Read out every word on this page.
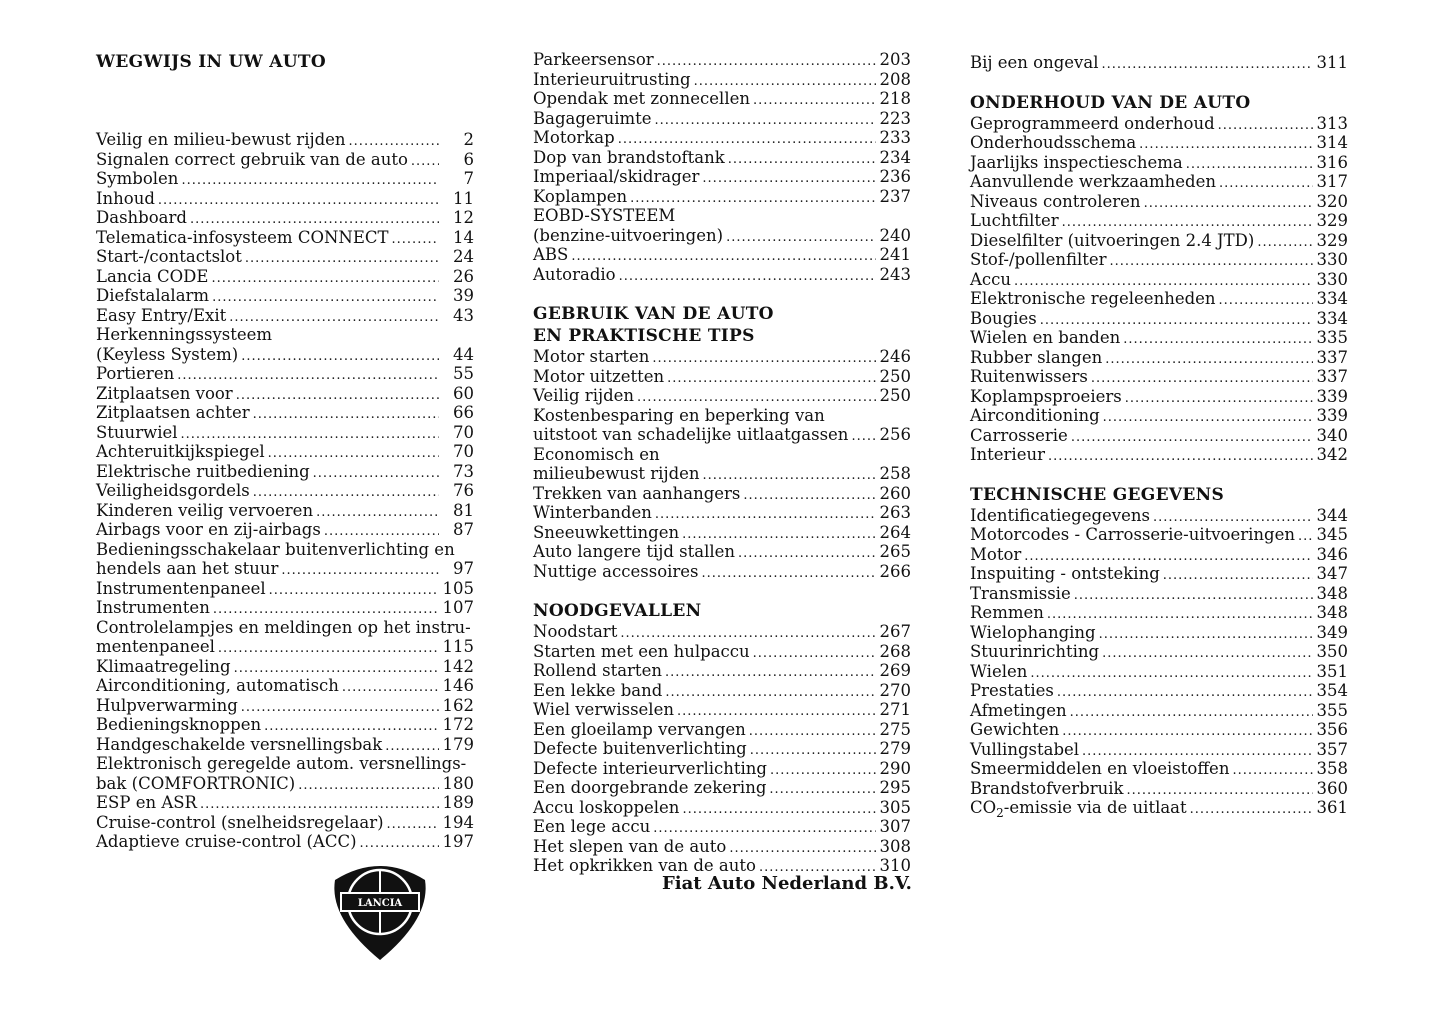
WEGWIJS IN UW AUTO
Veilig en milieu-bewust rijden .....	2
Signalen correct gebruik van de auto .....	6
Symbolen .....	7
Inhoud .....	11
Dashboard .....	12
Telematica-infosysteem CONNECT .....	14
Start-/contactslot .....	24
Lancia CODE .....	26
Diefstalalarm .....	39
Easy Entry/Exit .....	43
Herkenningssysteem
(Keyless System) .....	44
Portieren .....	55
Zitplaatsen voor .....	60
Zitplaatsen achter .....	66
Stuurwiel .....	70
Achteruitkijkspiegel .....	70
Elektrische ruitbediening .....	73
Veiligheidsgordels .....	76
Kinderen veilig vervoeren .....	81
Airbags voor en zij-airbags .....	87
Bedieningsschakelaar buitenverlichting en
hendels aan het stuur .....	97
Instrumentenpaneel .....	105
Instrumenten .....	107
Controlelampjes en meldingen op het instru-
mentenpaneel .....	115
Klimaatregeling .....	142
Airconditioning, automatisch .....	146
Hulpverwarming .....	162
Bedieningsknoppen .....	172
Handgeschakelde versnellingsbak .....	179
Elektronisch geregelde autom. versnellings-
bak (COMFORTRONIC) .....	180
ESP en ASR .....	189
Cruise-control (snelheidsregelaar) .....	194
Adaptieve cruise-control (ACC) .....	197
Parkeersensor .....	203
Interieuruitrusting .....	208
Opendak met zonnecellen .....	218
Bagageruimte .....	223
Motorkap .....	233
Dop van brandstoftank .....	234
Imperiaal/skidrager .....	236
Koplampen .....	237
EOBD-SYSTEEM
(benzine-uitvoeringen) .....	240
ABS .....	241
Autoradio .....	243
GEBRUIK VAN DE AUTO
EN PRAKTISCHE TIPS
Motor starten .....	246
Motor uitzetten .....	250
Veilig rijden .....	250
Kostenbesparing en beperking van
uitstoot van schadelijke uitlaatgassen ..... 256
Economisch en
milieubewust rijden .....	258
Trekken van aanhangers .....	260
Winterbanden .....	263
Sneeuwkettingen .....	264
Auto langere tijd stallen .....	265
Nuttige accessoires .....	266
NOODGEVALLEN
Noodstart .....	267
Starten met een hulpaccu .....	268
Rollend starten .....	269
Een lekke band .....	270
Wiel verwisselen .....	271
Een gloeilamp vervangen .....	275
Defecte buitenverlichting .....	279
Defecte interieurverlichting .....	290
Een doorgebrande zekering .....	295
Accu loskoppelen .....	305
Een lege accu .....	307
Het slepen van de auto .....	308
Het opkrikken van de auto .....	310
Bij een ongeval .....	311
ONDERHOUD VAN DE AUTO
Geprogrammeerd onderhoud .....	313
Onderhoudsschema .....	314
Jaarlijks inspectieschema .....	316
Aanvullende werkzaamheden .....	317
Niveaus controleren .....	320
Luchtfilter .....	329
Dieselfilter (uitvoeringen 2.4 JTD) .....	329
Stof-/pollenfilter .....	330
Accu .....	330
Elektronische regeleenheden .....	334
Bougies .....	334
Wielen en banden .....	335
Rubber slangen .....	337
Ruitenwissers .....	337
Koplampsproeiers .....	339
Airconditioning .....	339
Carrosserie .....	340
Interieur .....	342
TECHNISCHE GEGEVENS
Identificatiegegevens .....	344
Motorcodes - Carrosserie-uitvoeringen ..... 345
Motor .....	346
Inspuiting - ontsteking .....	347
Transmissie .....	348
Remmen .....	348
Wielophanging .....	349
Stuurinrichting .....	350
Wielen .....	351
Prestaties .....	354
Afmetingen .....	355
Gewichten .....	356
Vullingstabel .....	357
Smeermiddelen en vloeistoffen .....	358
Brandstofverbruik .....	360
$CO_2$-emissie via de uitlaat .....	361
Fiat Auto Nederland B.V.
LANCIA
